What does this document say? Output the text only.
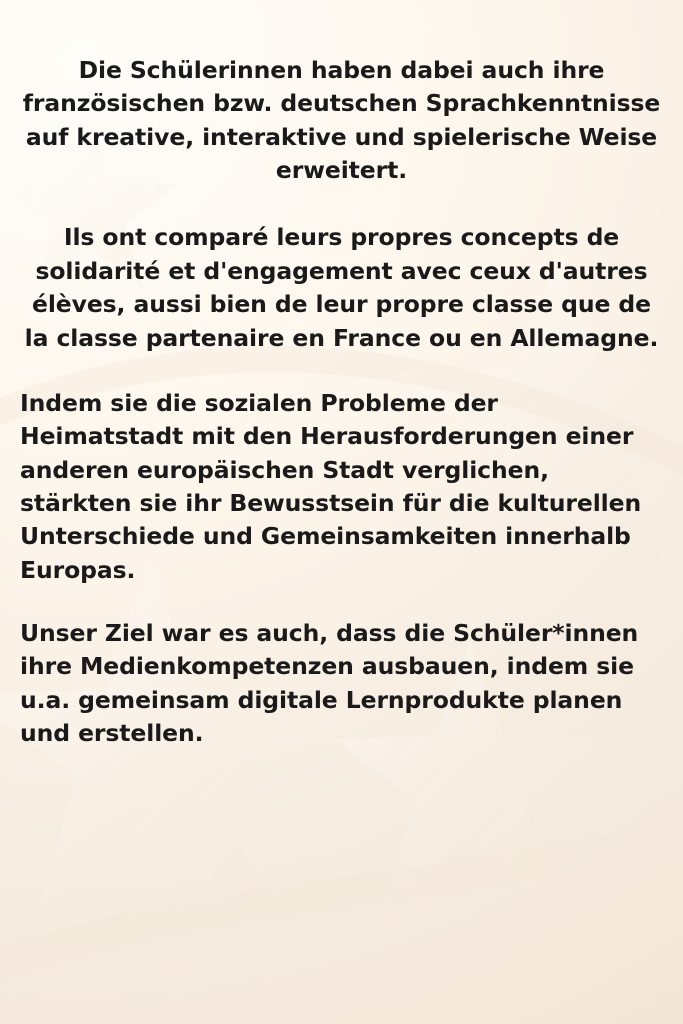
Die Schülerinnen haben dabei auch ihre französischen bzw. deutschen Sprachkenntnisse auf kreative, interaktive und spielerische Weise erweitert.

Ils ont comparé leurs propres concepts de solidarité et d'engagement avec ceux d'autres élèves, aussi bien de leur propre classe que de la classe partenaire en France ou en Allemagne.

Indem sie die sozialen Probleme der Heimatstadt mit den Herausforderungen einer anderen europäischen Stadt verglichen, stärkten sie ihr Bewusstsein für die kulturellen Unterschiede und Gemeinsamkeiten innerhalb Europas.

Unser Ziel war es auch, dass die Schüler*innen ihre Medienkompetenzen ausbauen, indem sie u.a. gemeinsam digitale Lernprodukte planen und erstellen.
